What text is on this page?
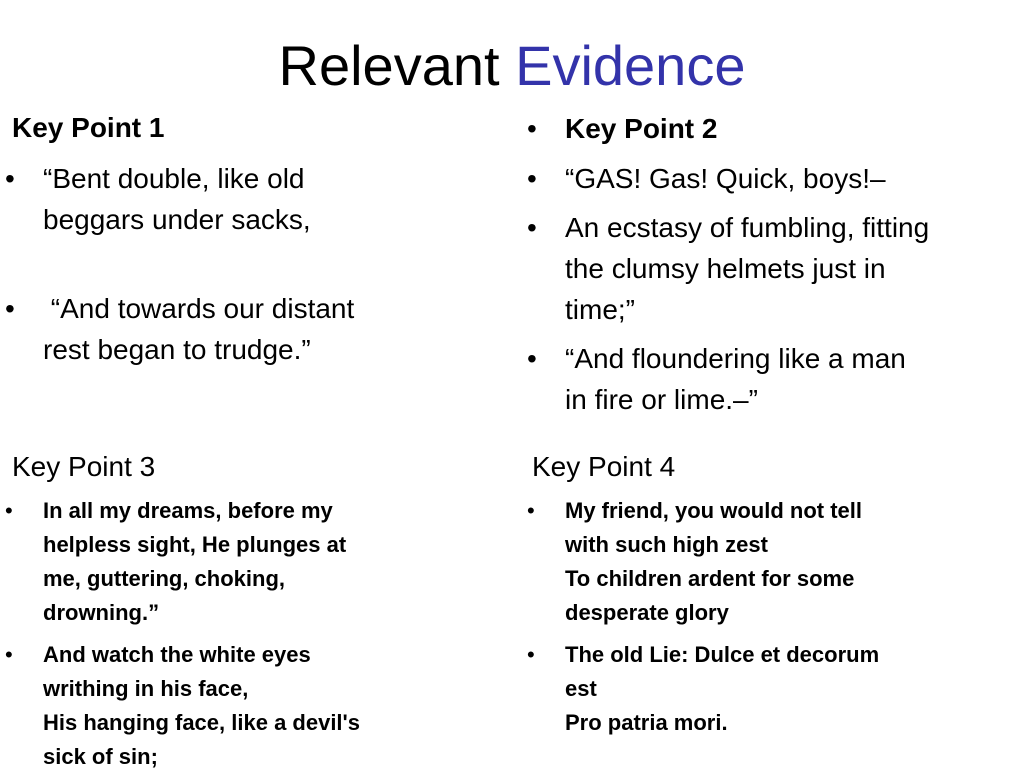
Relevant Evidence
Key Point 1
•	“Bent double, like old
beggars under sacks,
•	“And towards our distant
rest began to trudge.”
•	Key Point 2
•	“GAS! Gas! Quick, boys!–
•	An ecstasy of fumbling, fitting
the clumsy helmets just in
time;”
•	“And floundering like a man
in fire or lime.–”
Key Point 3
•	In all my dreams, before my
helpless sight, He plunges at
me, guttering, choking,
drowning.”
•	And watch the white eyes
writhing in his face,
His hanging face, like a devil's
sick of sin;
Key Point 4
•	My friend, you would not tell
with such high zest
To children ardent for some
desperate glory
•	The old Lie: Dulce et decorum
est
Pro patria mori.
